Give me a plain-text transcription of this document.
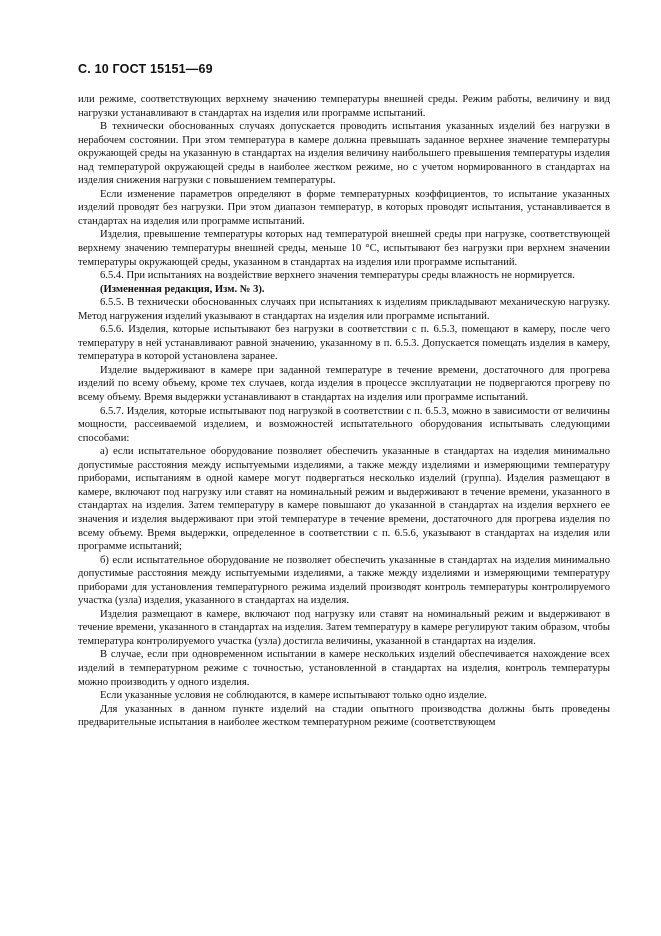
С. 10 ГОСТ 15151—69

или режиме, соответствующих верхнему значению температуры внешней среды. Режим работы, величину и вид нагрузки устанавливают в стандартах на изделия или программе испытаний.

В технически обоснованных случаях допускается проводить испытания указанных изделий без нагрузки в нерабочем состоянии. При этом температура в камере должна превышать заданное верхнее значение температуры окружающей среды на указанную в стандартах на изделия величину наибольшего превышения температуры изделия над температурой окружающей среды в наиболее жестком режиме, но с учетом нормированного в стандартах на изделия снижения нагрузки с повышением температуры.

Если изменение параметров определяют в форме температурных коэффициентов, то испытание указанных изделий проводят без нагрузки. При этом диапазон температур, в которых проводят испытания, устанавливается в стандартах на изделия или программе испытаний.

Изделия, превышение температуры которых над температурой внешней среды при нагрузке, соответствующей верхнему значению температуры внешней среды, меньше 10 °С, испытывают без нагрузки при верхнем значении температуры окружающей среды, указанном в стандартах на изделия или программе испытаний.

6.5.4. При испытаниях на воздействие верхнего значения температуры среды влажность не нормируется.

(Измененная редакция, Изм. № 3).

6.5.5. В технически обоснованных случаях при испытаниях к изделиям прикладывают механическую нагрузку. Метод нагружения изделий указывают в стандартах на изделия или программе испытаний.

6.5.6. Изделия, которые испытывают без нагрузки в соответствии с п. 6.5.3, помещают в камеру, после чего температуру в ней устанавливают равной значению, указанному в п. 6.5.3. Допускается помещать изделия в камеру, температура в которой установлена заранее.

Изделие выдерживают в камере при заданной температуре в течение времени, достаточного для прогрева изделий по всему объему, кроме тех случаев, когда изделия в процессе эксплуатации не подвергаются прогреву по всему объему. Время выдержки устанавливают в стандартах на изделия или программе испытаний.

6.5.7. Изделия, которые испытывают под нагрузкой в соответствии с п. 6.5.3, можно в зависимости от величины мощности, рассеиваемой изделием, и возможностей испытательного оборудования испытывать следующими способами:

а) если испытательное оборудование позволяет обеспечить указанные в стандартах на изделия минимально допустимые расстояния между испытуемыми изделиями, а также между изделиями и измеряющими температуру приборами, испытаниям в одной камере могут подвергаться несколько изделий (группа). Изделия размещают в камере, включают под нагрузку или ставят на номинальный режим и выдерживают в течение времени, указанного в стандартах на изделия. Затем температуру в камере повышают до указанной в стандартах на изделия верхнего ее значения и изделия выдерживают при этой температуре в течение времени, достаточного для прогрева изделия по всему объему. Время выдержки, определенное в соответствии с п. 6.5.6, указывают в стандартах на изделия или программе испытаний;

б) если испытательное оборудование не позволяет обеспечить указанные в стандартах на изделия минимально допустимые расстояния между испытуемыми изделиями, а также между изделиями и измеряющими температуру приборами для установления температурного режима изделий производят контроль температуры контролируемого участка (узла) изделия, указанного в стандартах на изделия.

Изделия размещают в камере, включают под нагрузку или ставят на номинальный режим и выдерживают в течение времени, указанного в стандартах на изделия. Затем температуру в камере регулируют таким образом, чтобы температура контролируемого участка (узла) достигла величины, указанной в стандартах на изделия.

В случае, если при одновременном испытании в камере нескольких изделий обеспечивается нахождение всех изделий в температурном режиме с точностью, установленной в стандартах на изделия, контроль температуры можно производить у одного изделия.

Если указанные условия не соблюдаются, в камере испытывают только одно изделие.

Для указанных в данном пункте изделий на стадии опытного производства должны быть проведены предварительные испытания в наиболее жестком температурном режиме (соответствующем
